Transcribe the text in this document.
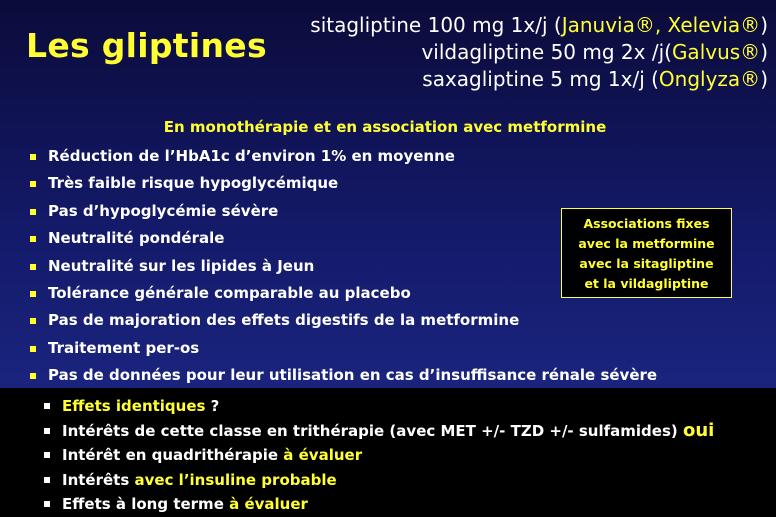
Les gliptines
sitagliptine 100 mg 1x/j (Januvia®, Xelevia®)
vildagliptine 50 mg 2x /j(Galvus®)
saxagliptine 5 mg 1x/j (Onglyza®)
En monothérapie et en association avec metformine
Réduction de l’HbA1c d’environ 1% en moyenne
Très faible risque hypoglycémique
Pas d’hypoglycémie sévère
Neutralité pondérale
Neutralité sur les lipides à Jeun
Tolérance générale comparable au placebo
Pas de majoration des effets digestifs de la metformine
Traitement per-os
Pas de données pour leur utilisation en cas d’insuffisance rénale sévère
Associations fixes
avec la metformine
avec la sitagliptine
et la vildagliptine
Effets identiques ?
Intérêts de cette classe en trithérapie (avec MET +/- TZD +/- sulfamides) oui
Intérêt en quadrithérapie à évaluer
Intérêts avec l’insuline probable
Effets à long terme à évaluer
